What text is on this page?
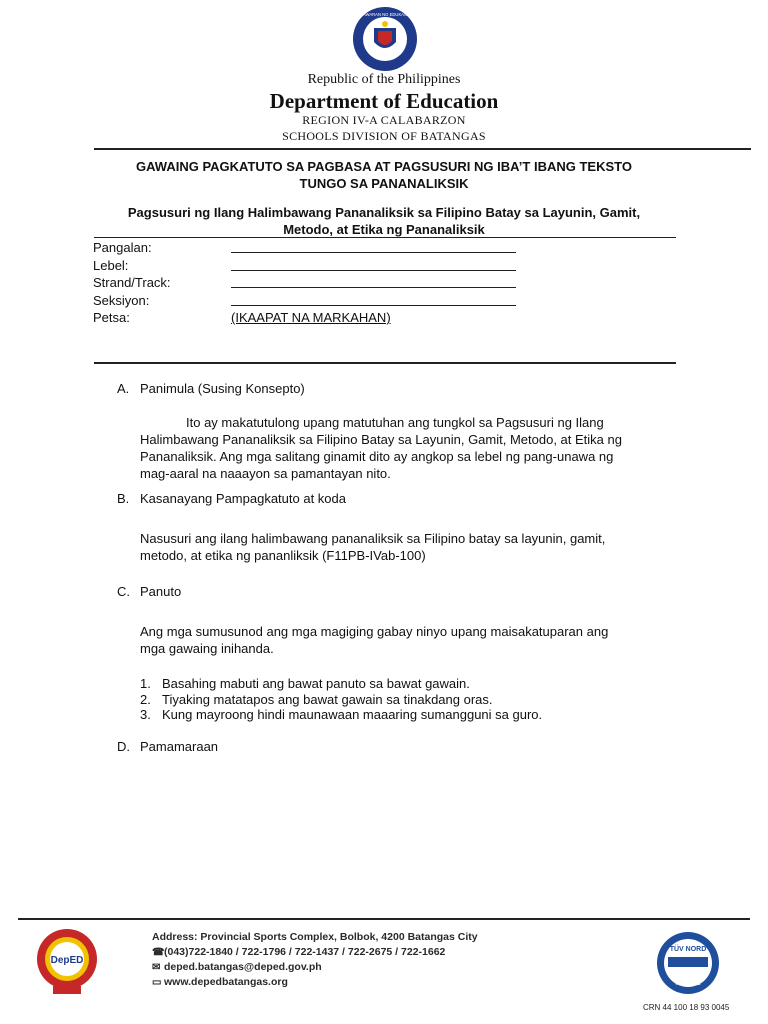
KAGAWARAN NG EDUKASYON
Republic of the Philippines
Department of Education
REGION IV-A CALABARZON
SCHOOLS DIVISION OF BATANGAS
GAWAING PAGKATUTO SA PAGBASA AT PAGSUSURI NG IBA’T IBANG TEKSTO
TUNGO SA PANANALIKSIK
Pagsusuri ng Ilang Halimbawang Pananaliksik sa Filipino Batay sa Layunin, Gamit,
Metodo, at Etika ng Pananaliksik
Pangalan:
Lebel:
Strand/Track:
Seksiyon:
Petsa:	(IKAAPAT NA MARKAHAN)
A. Panimula (Susing Konsepto)
Ito ay makatutulong upang matutuhan ang tungkol sa Pagsusuri ng Ilang
Halimbawang Pananaliksik sa Filipino Batay sa Layunin, Gamit, Metodo, at Etika ng
Pananaliksik. Ang mga salitang ginamit dito ay angkop sa lebel ng pang-unawa ng
mag-aaral na naaayon sa pamantayan nito.
B. Kasanayang Pampagkatuto at koda
Nasusuri ang ilang halimbawang pananaliksik sa Filipino batay sa layunin, gamit,
metodo, at etika ng pananliksik (F11PB-IVab-100)
C. Panuto
Ang mga sumusunod ang mga magiging gabay ninyo upang maisakatuparan ang
mga gawaing inihanda.
1. Basahing mabuti ang bawat panuto sa bawat gawain.
2. Tiyaking matatapos ang bawat gawain sa tinakdang oras.
3. Kung mayroong hindi maunawaan maaaring sumangguni sa guro.
D. Pamamaraan
DepED
Address: Provincial Sports Complex, Bolbok, 4200 Batangas City
☎(043)722-1840 / 722-1796 / 722-1437 / 722-2675 / 722-1662
✉ deped.batangas@deped.gov.ph
▭ www.depedbatangas.org
TÜV NORD
ISO 9001
CRN 44 100 18 93 0045
